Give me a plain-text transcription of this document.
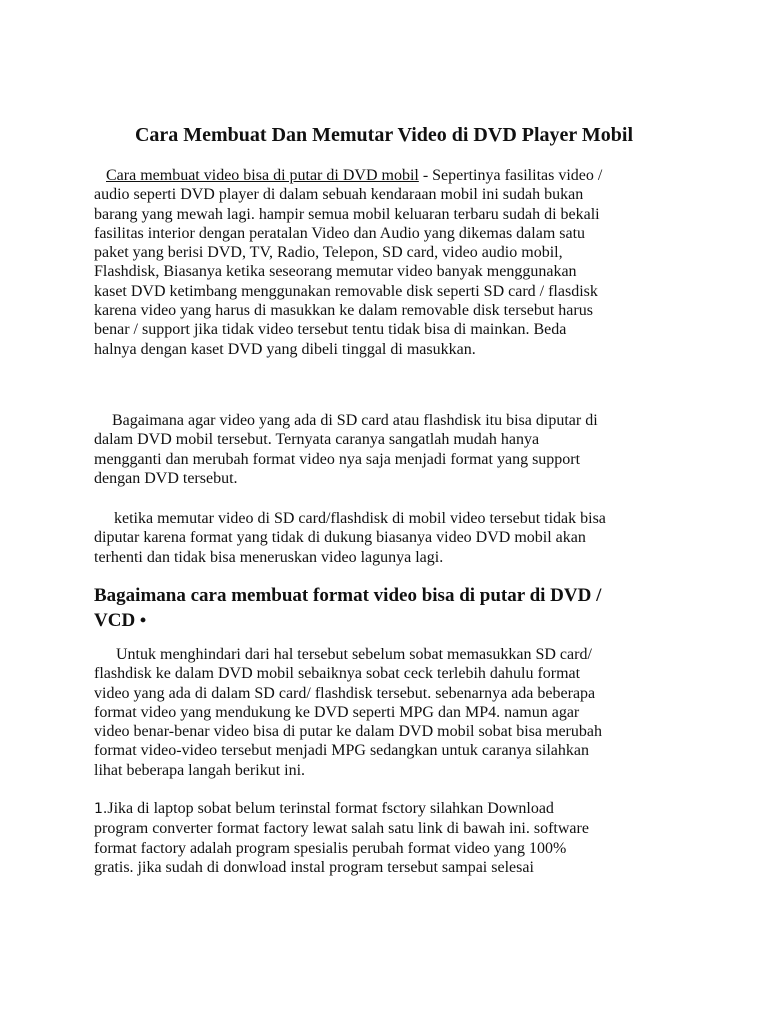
Cara Membuat Dan Memutar Video di DVD Player Mobil
Cara membuat video bisa di putar di DVD mobil - Sepertinya fasilitas video /
audio seperti DVD player di dalam sebuah kendaraan mobil ini sudah bukan
barang yang mewah lagi. hampir semua mobil keluaran terbaru sudah di bekali
fasilitas interior dengan peratalan Video dan Audio yang dikemas dalam satu
paket yang berisi DVD, TV, Radio, Telepon, SD card, video audio mobil,
Flashdisk, Biasanya ketika seseorang memutar video banyak menggunakan
kaset DVD ketimbang menggunakan removable disk seperti SD card / flasdisk
karena video yang harus di masukkan ke dalam removable disk tersebut harus
benar / support jika tidak video tersebut tentu tidak bisa di mainkan. Beda
halnya dengan kaset DVD yang dibeli tinggal di masukkan.
Bagaimana agar video yang ada di SD card atau flashdisk itu bisa diputar di
dalam DVD mobil tersebut. Ternyata caranya sangatlah mudah hanya
mengganti dan merubah format video nya saja menjadi format yang support
dengan DVD tersebut.
ketika memutar video di SD card/flashdisk di mobil video tersebut tidak bisa
diputar karena format yang tidak di dukung biasanya video DVD mobil akan
terhenti dan tidak bisa meneruskan video lagunya lagi.
Bagaimana cara membuat format video bisa di putar di DVD /
VCD •
Untuk menghindari dari hal tersebut sebelum sobat memasukkan SD card/
flashdisk ke dalam DVD mobil sebaiknya sobat ceck terlebih dahulu format
video yang ada di dalam SD card/ flashdisk tersebut. sebenarnya ada beberapa
format video yang mendukung ke DVD seperti MPG dan MP4. namun agar
video benar-benar video bisa di putar ke dalam DVD mobil sobat bisa merubah
format video-video tersebut menjadi MPG sedangkan untuk caranya silahkan
lihat beberapa langah berikut ini.
1.Jika di laptop sobat belum terinstal format fsctory silahkan Download
program converter format factory lewat salah satu link di bawah ini. software
format factory adalah program spesialis perubah format video yang 100%
gratis. jika sudah di donwload instal program tersebut sampai selesai
